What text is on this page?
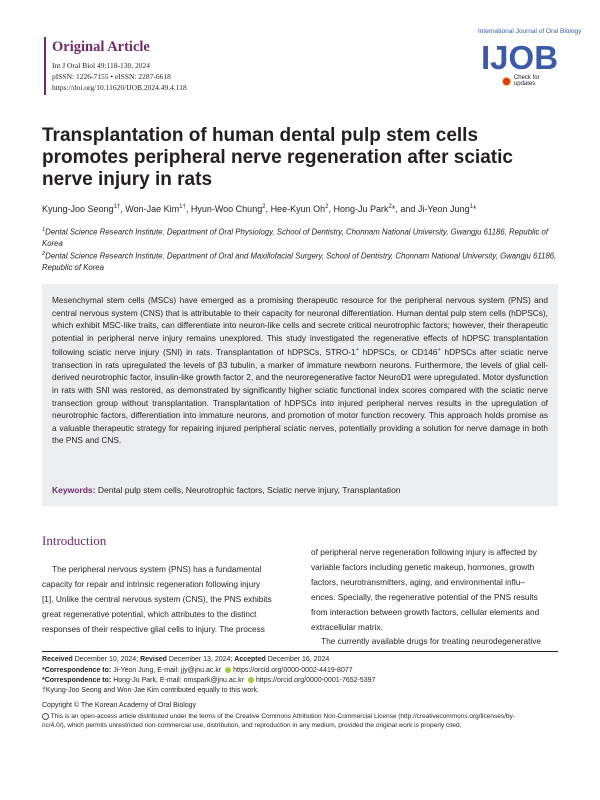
International Journal of Oral Biology
IJOB
Check for updates
Original Article
Int J Oral Biol 49:118-130, 2024
pISSN: 1226-7155 • eISSN: 2287-6618
https://doi.org/10.11620/IJOB.2024.49.4.118
Transplantation of human dental pulp stem cells promotes peripheral nerve regeneration after sciatic nerve injury in rats
Kyung-Joo Seong$^{1\dagger}$, Won-Jae Kim$^{1\dagger}$, Hyun-Woo Chung$^2$, Hee-Kyun Oh$^2$, Hong-Ju Park$^2$*, and Ji-Yeon Jung$^1$*
$^1$Dental Science Research Institute, Department of Oral Physiology, School of Dentistry, Chonnam National University, Gwangju 61186, Republic of Korea
$^2$Dental Science Research Institute, Department of Oral and Maxillofacial Surgery, School of Dentistry, Chonnam National University, Gwangju 61186, Republic of Korea

Mesenchymal stem cells (MSCs) have emerged as a promising therapeutic resource for the peripheral nervous system (PNS) and central nervous system (CNS) that is attributable to their capacity for neuronal differentiation. Human dental pulp stem cells (hDPSCs), which exhibit MSC-like traits, can differentiate into neuron-like cells and secrete critical neurotrophic factors; however, their therapeutic potential in peripheral nerve injury remains unexplored. This study investigated the regenerative effects of hDPSC transplantation following sciatic nerve injury (SNI) in rats. Transplantation of hDPSCs, STRO-1+ hDPSCs, or CD146+ hDPSCs after sciatic nerve transection in rats upregulated the levels of β3 tubulin, a marker of immature newborn neurons. Furthermore, the levels of glial cell-derived neurotrophic factor, insulin-like growth factor 2, and the neuroregenerative factor NeuroD1 were upregulated. Motor dysfunction in rats with SNI was restored, as demonstrated by significantly higher sciatic functional index scores compared with the sciatic nerve transection group without transplantation. Transplantation of hDPSCs into injured peripheral nerves results in the upregulation of neurotrophic factors, differentiation into immature neurons, and promotion of motor function recovery. This approach holds promise as a valuable therapeutic strategy for repairing injured peripheral sciatic nerves, potentially providing a solution for nerve damage in both the PNS and CNS.

Keywords: Dental pulp stem cells, Neurotrophic factors, Sciatic nerve injury, Transplantation

Introduction

The peripheral nervous system (PNS) has a fundamental
capacity for repair and intrinsic regeneration following injury
[1]. Unlike the central nervous system (CNS), the PNS exhibits
great regenerative potential, which attributes to the distinct
responses of their respective glial cells to injury. The process

of peripheral nerve regeneration following injury is affected by
variable factors including genetic makeup, hormones, growth
factors, neurotransmitters, aging, and environmental influ–
ences. Specially, the regenerative potential of the PNS results
from interaction between growth factors, cellular elements and
extracellular matrix.
The currently available drugs for treating neurodegenerative

Received December 10, 2024; Revised December 13, 2024; Accepted December 16, 2024
*Correspondence to: Ji-Yeon Jung, E-mail: jjy@jnu.ac.kr https://orcid.org/0000-0002-4419-8077
*Correspondence to: Hong-Ju Park, E-mail: omspark@jnu.ac.kr https://orcid.org/0000-0001-7652-5397
†Kyung-Joo Seong and Won-Jae Kim contributed equally to this work.
Copyright © The Korean Academy of Oral Biology
This is an open-access article distributed under the terms of the Creative Commons Attribution Non-Commercial License (http://creativecommons.org/licenses/by-
nc/4.0/), which permits unrestricted non-commercial use, distribution, and reproduction in any medium, provided the original work is properly cited.
